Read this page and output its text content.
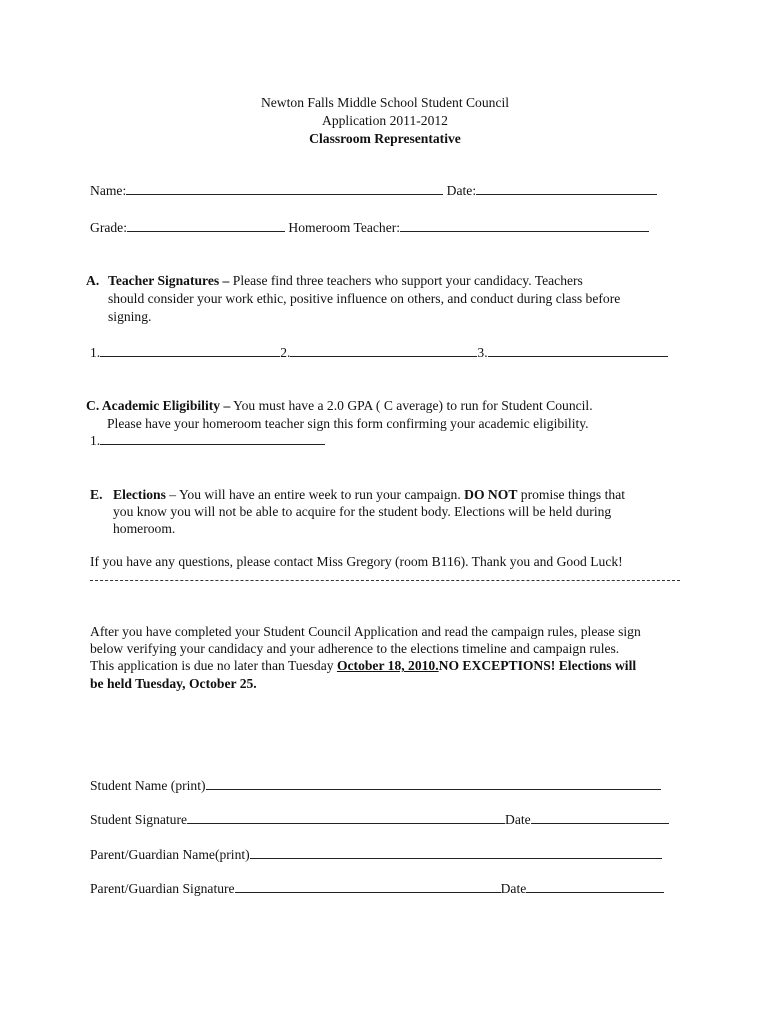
Newton Falls Middle School Student Council
Application 2011-2012
Classroom Representative
Name:	Date:
Grade:	Homeroom Teacher:
A. Teacher Signatures – Please find three teachers who support your candidacy. Teachers
should consider your work ethic, positive influence on others, and conduct during class before
signing.
1.	2.	3.
C. Academic Eligibility – You must have a 2.0 GPA ( C average) to run for Student Council.
Please have your homeroom teacher sign this form confirming your academic eligibility.
1.
E. Elections – You will have an entire week to run your campaign. DO NOT promise things that
you know you will not be able to acquire for the student body. Elections will be held during
homeroom.
If you have any questions, please contact Miss Gregory (room B116). Thank you and Good Luck!
After you have completed your Student Council Application and read the campaign rules, please sign
below verifying your candidacy and your adherence to the elections timeline and campaign rules.
This application is due no later than Tuesday October 18, 2010.NO EXCEPTIONS! Elections will
be held Tuesday, October 25.
Student Name (print)
Student Signature	Date
Parent/Guardian Name(print)
Parent/Guardian Signature	Date
